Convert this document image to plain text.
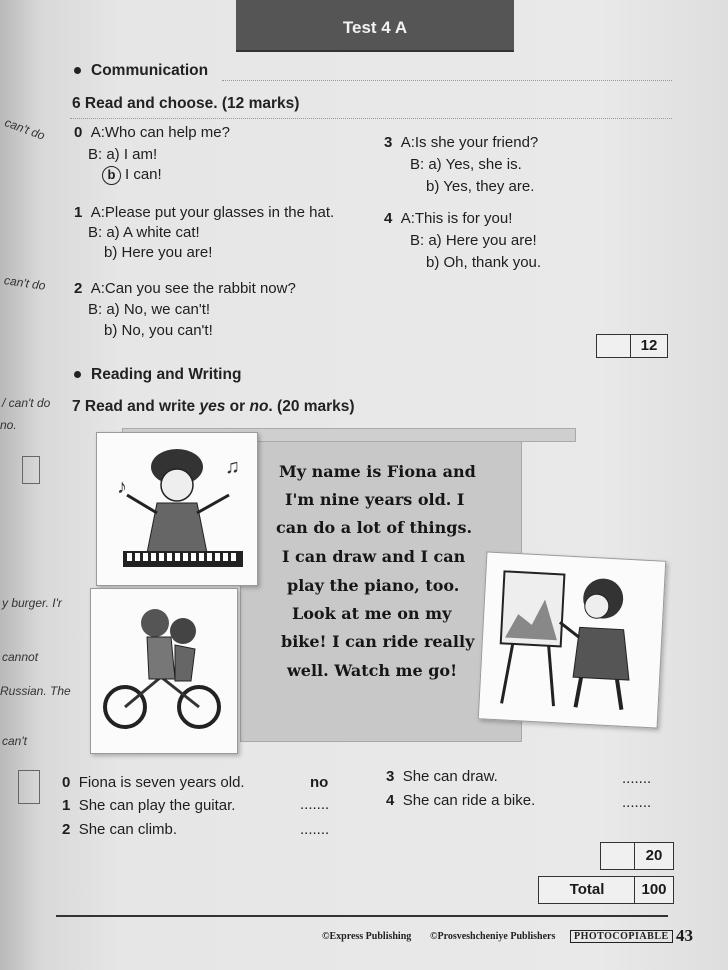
Test 4 A
can't do
can't do
/ can't do
no.
y burger. I'r
cannot
Russian. The
can't
Communication
6 Read and choose. (12 marks)
0 A:Who can help me?
B: a) I am!
b I can!
1 A:Please put your glasses in the hat.
B: a) A white cat!
b) Here you are!
2 A:Can you see the rabbit now?
B: a) No, we can't!
b) No, you can't!
3 A:Is she your friend?
B: a) Yes, she is.
b) Yes, they are.
4 A:This is for you!
B: a) Here you are!
b) Oh, thank you.
12
Reading and Writing
7 Read and write yes or no. (20 marks)
My name is Fiona and
I'm nine years old. I
can do a lot of things.
I can draw and I can
play the piano, too.
Look at me on my
bike! I can ride really
well. Watch me go!
♪
♫
0 Fiona is seven years old.	no
1 She can play the guitar.	.......
2 She can climb.	.......
3 She can draw.	.......
4 She can ride a bike.	.......
20
Total	100
©Express Publishing ©Prosveshcheniye Publishers	PHOTOCOPIABLE 43
